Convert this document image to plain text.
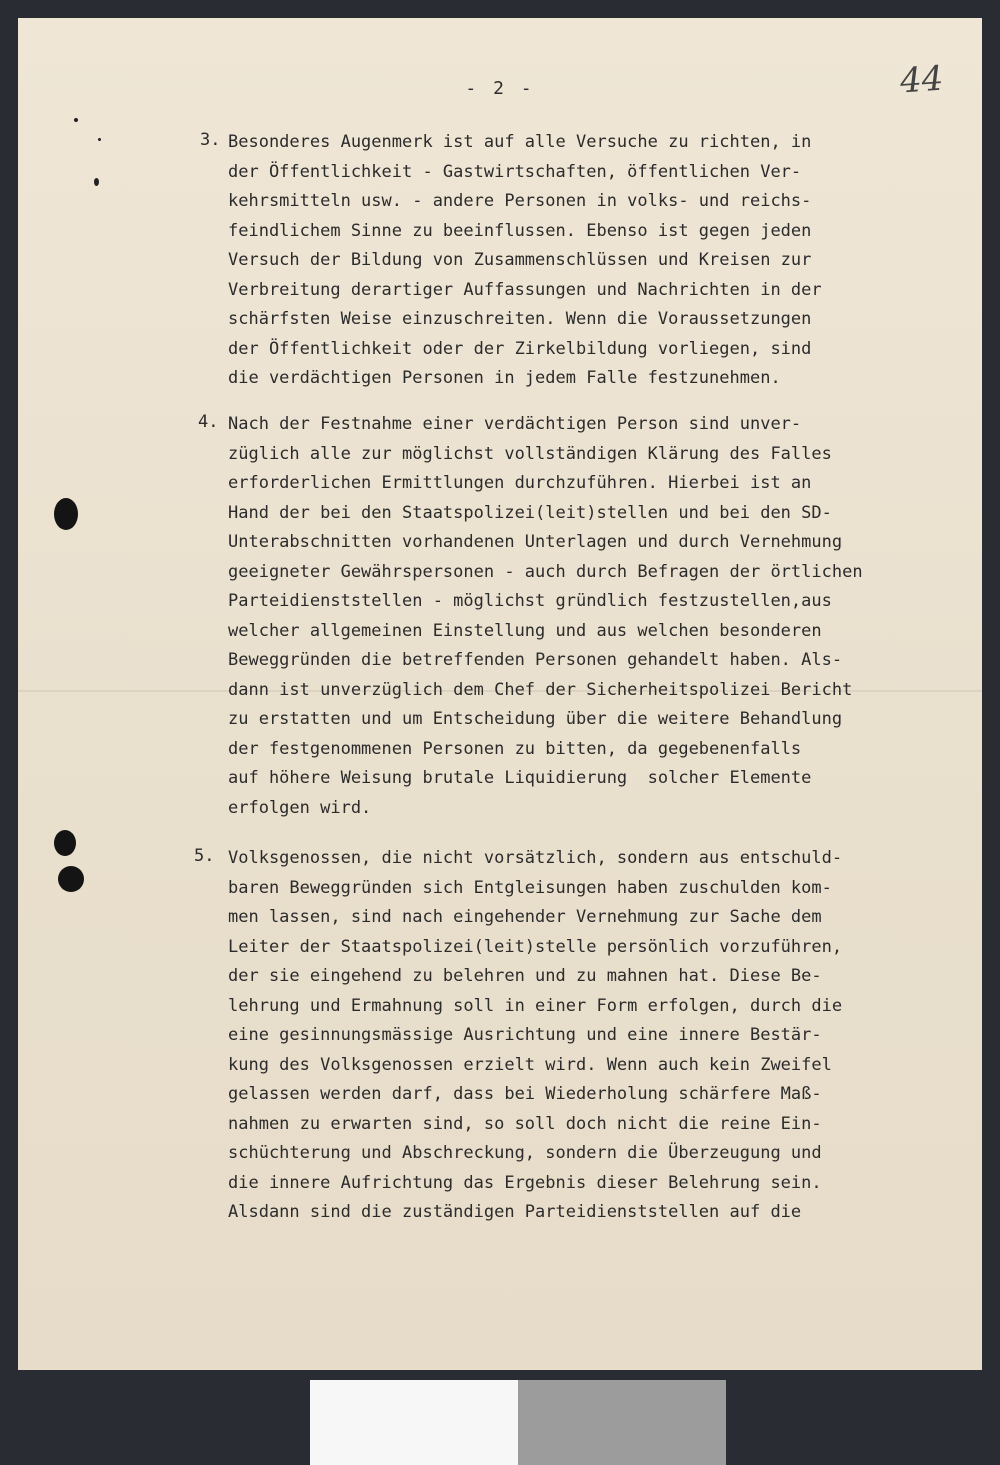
- 2 -	44
3. Besonderes Augenmerk ist auf alle Versuche zu richten, in
der Öffentlichkeit - Gastwirtschaften, öffentlichen Ver-
kehrsmitteln usw. - andere Personen in volks- und reichs-
feindlichem Sinne zu beeinflussen. Ebenso ist gegen jeden
Versuch der Bildung von Zusammenschlüssen und Kreisen zur
Verbreitung derartiger Auffassungen und Nachrichten in der
schärfsten Weise einzuschreiten. Wenn die Voraussetzungen
der Öffentlichkeit oder der Zirkelbildung vorliegen, sind
die verdächtigen Personen in jedem Falle festzunehmen.
4. Nach der Festnahme einer verdächtigen Person sind unver-
züglich alle zur möglichst vollständigen Klärung des Falles
erforderlichen Ermittlungen durchzuführen. Hierbei ist an
Hand der bei den Staatspolizei(leit)stellen und bei den SD-
Unterabschnitten vorhandenen Unterlagen und durch Vernehmung
geeigneter Gewährspersonen - auch durch Befragen der örtlichen
Parteidienststellen - möglichst gründlich festzustellen,aus
welcher allgemeinen Einstellung und aus welchen besonderen
Beweggründen die betreffenden Personen gehandelt haben. Als-
dann ist unverzüglich dem Chef der Sicherheitspolizei Bericht
zu erstatten und um Entscheidung über die weitere Behandlung
der festgenommenen Personen zu bitten, da gegebenenfalls
auf höhere Weisung brutale Liquidierung  solcher Elemente
erfolgen wird.
5. Volksgenossen, die nicht vorsätzlich, sondern aus entschuld-
baren Beweggründen sich Entgleisungen haben zuschulden kom-
men lassen, sind nach eingehender Vernehmung zur Sache dem
Leiter der Staatspolizei(leit)stelle persönlich vorzuführen,
der sie eingehend zu belehren und zu mahnen hat. Diese Be-
lehrung und Ermahnung soll in einer Form erfolgen, durch die
eine gesinnungsmässige Ausrichtung und eine innere Bestär-
kung des Volksgenossen erzielt wird. Wenn auch kein Zweifel
gelassen werden darf, dass bei Wiederholung schärfere Maß-
nahmen zu erwarten sind, so soll doch nicht die reine Ein-
schüchterung und Abschreckung, sondern die Überzeugung und
die innere Aufrichtung das Ergebnis dieser Belehrung sein.
Alsdann sind die zuständigen Parteidienststellen auf die
